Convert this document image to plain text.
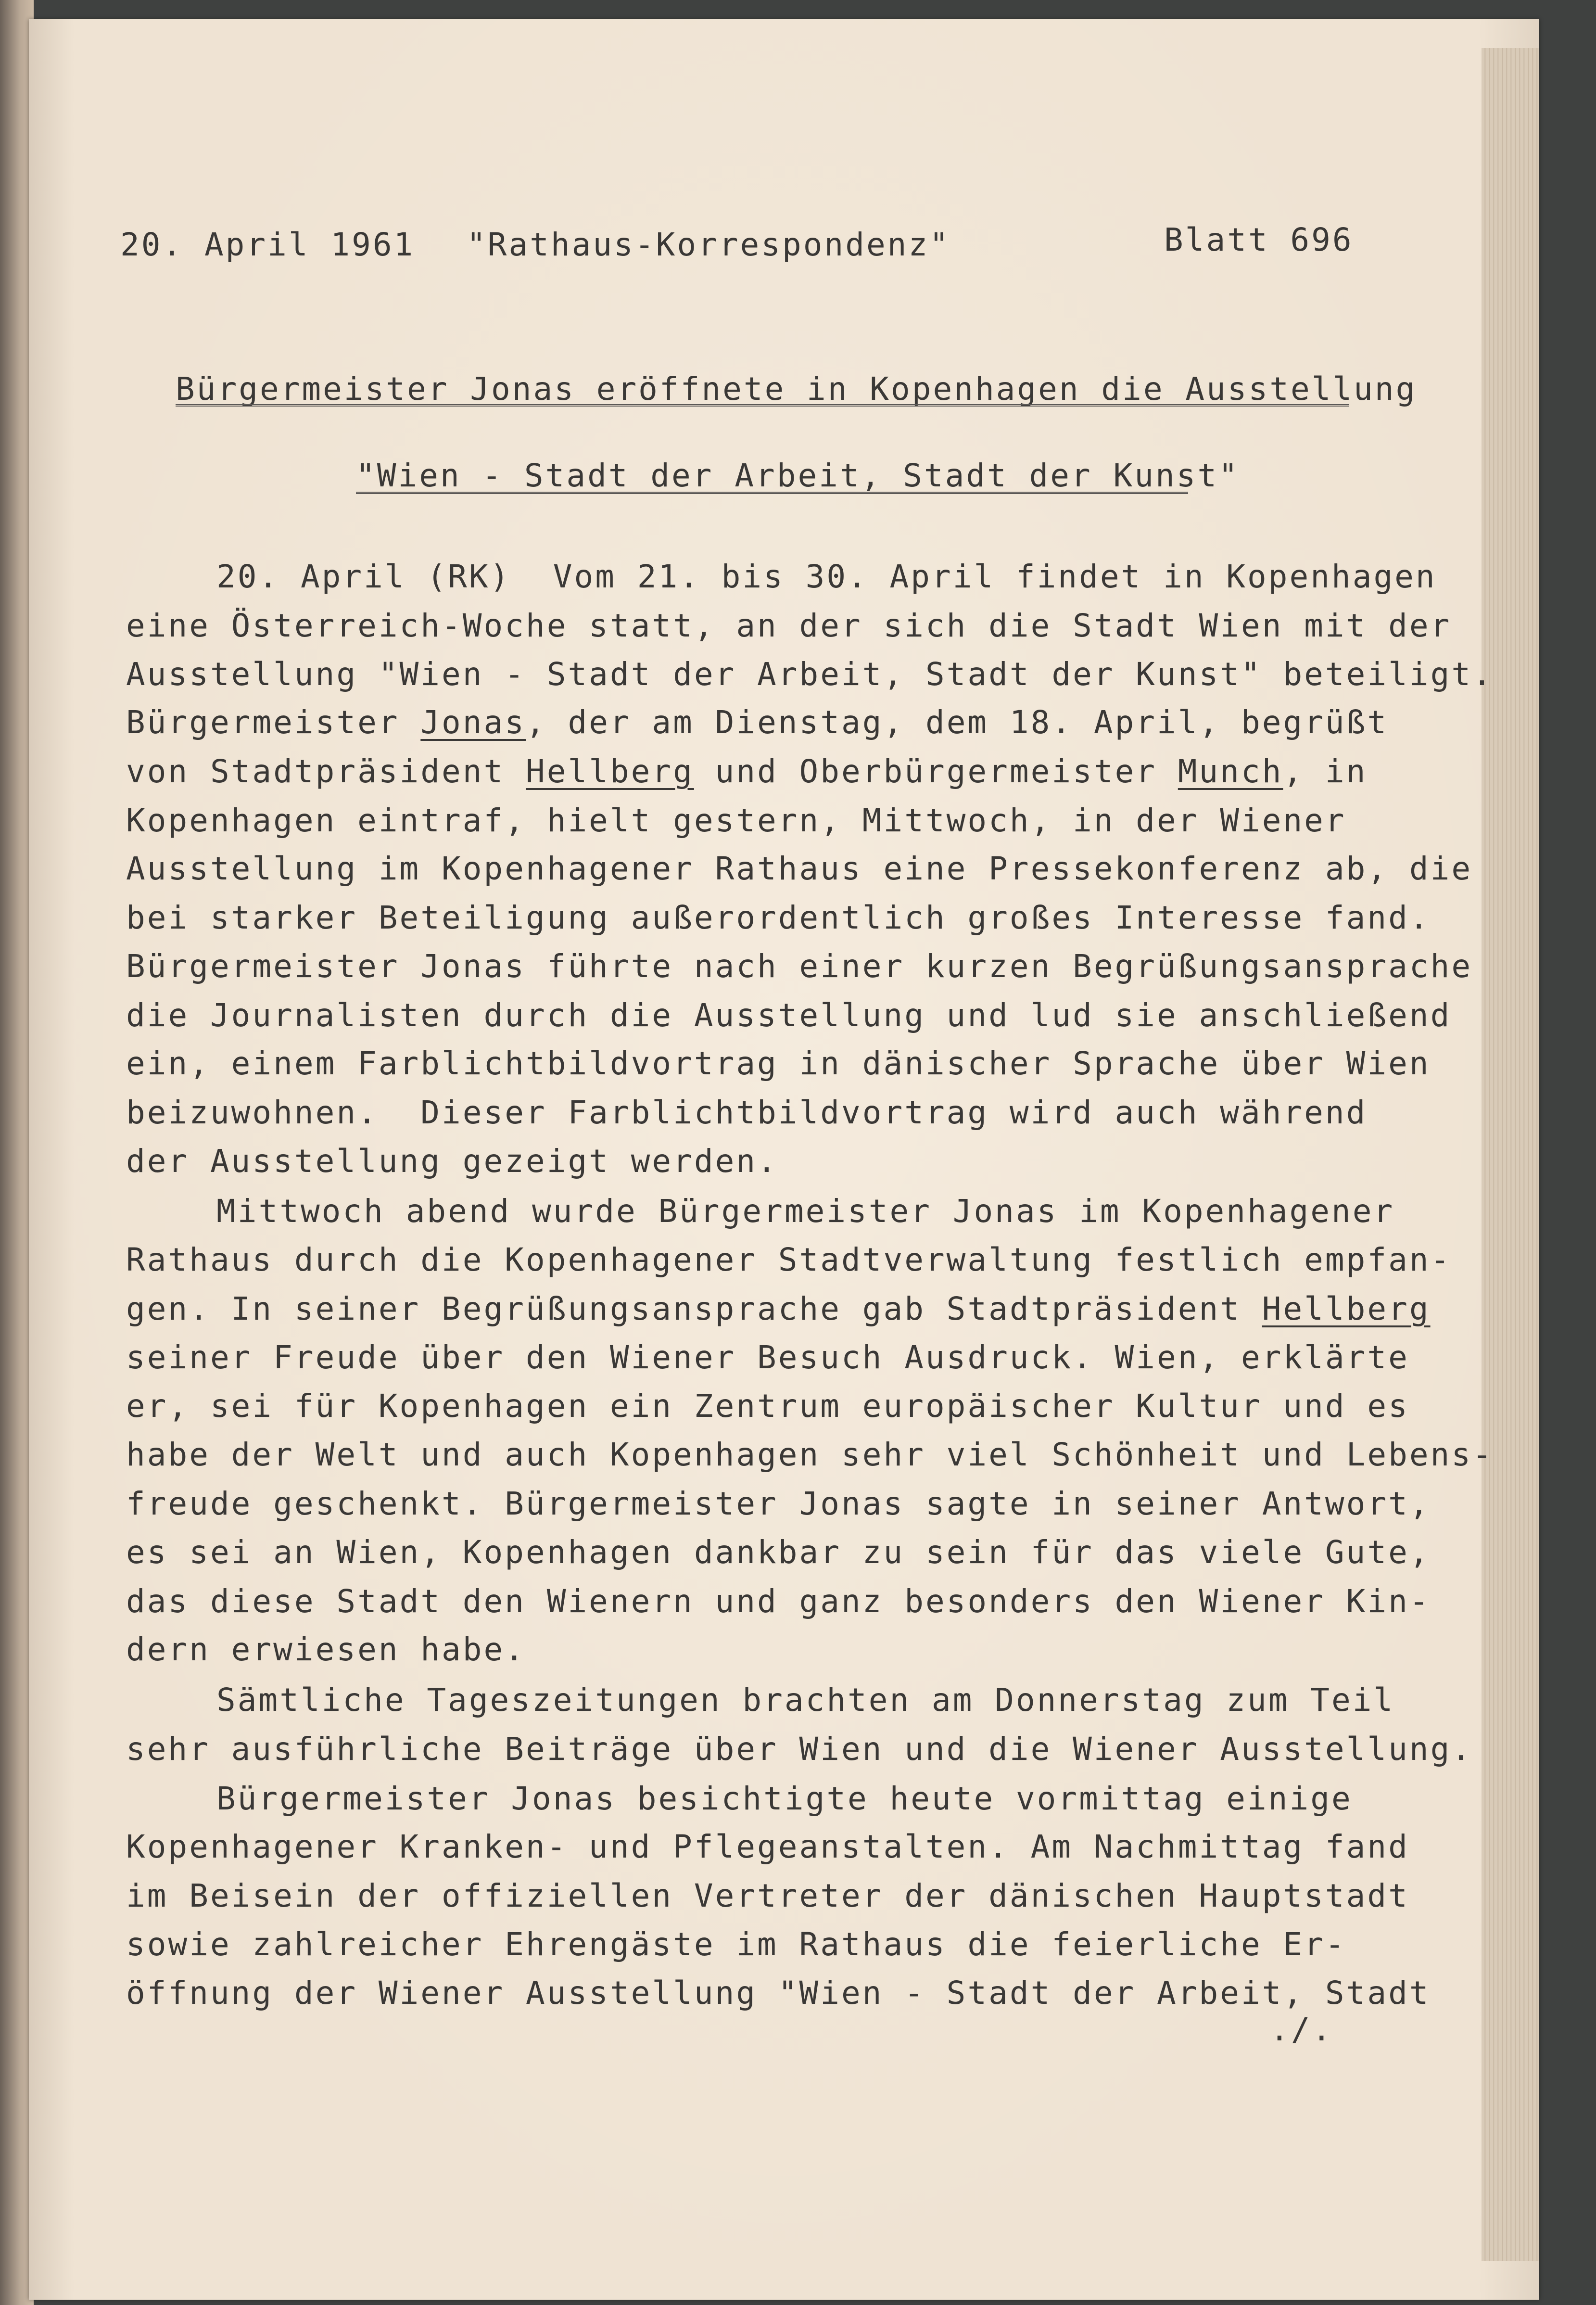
20. April 1961 "Rathaus-Korrespondenz"	Blatt 696
Bürgermeister Jonas eröffnete in Kopenhagen die Ausstellung
"Wien - Stadt der Arbeit, Stadt der Kunst"
20. April (RK)  Vom 21. bis 30. April findet in Kopenhagen
eine Österreich-Woche statt, an der sich die Stadt Wien mit der
Ausstellung "Wien - Stadt der Arbeit, Stadt der Kunst" beteiligt.
Bürgermeister Jonas, der am Dienstag, dem 18. April, begrüßt
von Stadtpräsident Hellberg und Oberbürgermeister Munch, in
Kopenhagen eintraf, hielt gestern, Mittwoch, in der Wiener
Ausstellung im Kopenhagener Rathaus eine Pressekonferenz ab, die
bei starker Beteiligung außerordentlich großes Interesse fand.
Bürgermeister Jonas führte nach einer kurzen Begrüßungsansprache
die Journalisten durch die Ausstellung und lud sie anschließend
ein, einem Farblichtbildvortrag in dänischer Sprache über Wien
beizuwohnen.  Dieser Farblichtbildvortrag wird auch während
der Ausstellung gezeigt werden.
Mittwoch abend wurde Bürgermeister Jonas im Kopenhagener
Rathaus durch die Kopenhagener Stadtverwaltung festlich empfan-
gen. In seiner Begrüßungsansprache gab Stadtpräsident Hellberg
seiner Freude über den Wiener Besuch Ausdruck. Wien, erklärte
er, sei für Kopenhagen ein Zentrum europäischer Kultur und es
habe der Welt und auch Kopenhagen sehr viel Schönheit und Lebens-
freude geschenkt. Bürgermeister Jonas sagte in seiner Antwort,
es sei an Wien, Kopenhagen dankbar zu sein für das viele Gute,
das diese Stadt den Wienern und ganz besonders den Wiener Kin-
dern erwiesen habe.
Sämtliche Tageszeitungen brachten am Donnerstag zum Teil
sehr ausführliche Beiträge über Wien und die Wiener Ausstellung.
Bürgermeister Jonas besichtigte heute vormittag einige
Kopenhagener Kranken- und Pflegeanstalten. Am Nachmittag fand
im Beisein der offiziellen Vertreter der dänischen Hauptstadt
sowie zahlreicher Ehrengäste im Rathaus die feierliche Er-
öffnung der Wiener Ausstellung "Wien - Stadt der Arbeit, Stadt
./.
